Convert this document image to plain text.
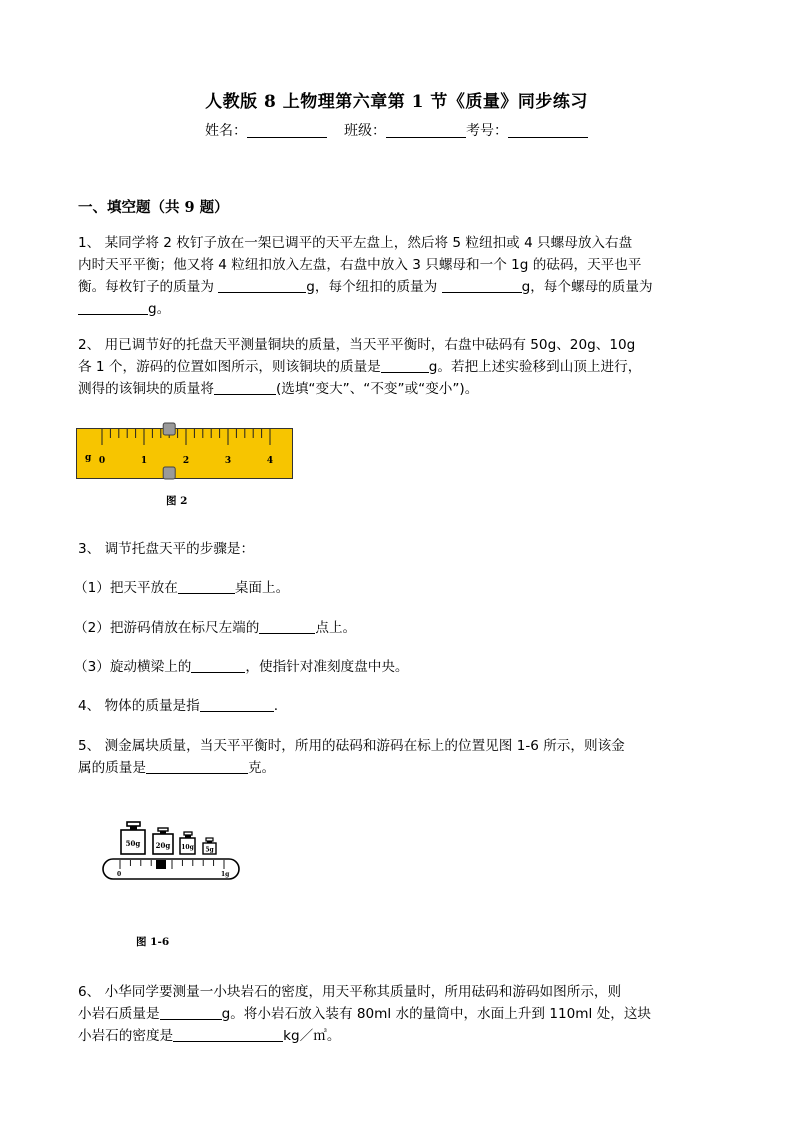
人教版 8 上物理第六章第 1 节《质量》同步练习
姓名：	班级：	考号：
一、填空题（共 9 题）
1、 某同学将 2 枚钉子放在一架已调平的天平左盘上，然后将 5 粒纽扣或 4 只螺母放入右盘
内时天平平衡；他又将 4 粒纽扣放入左盘，右盘中放入 3 只螺母和一个 1g 的砝码，天平也平
衡。每枚钉子的质量为	g，每个纽扣的质量为	g，每个螺母的质量为
g。
2、 用已调节好的托盘天平测量铜块的质量，当天平平衡时，右盘中砝码有 50g、20g、10g
各 1 个，游码的位置如图所示，则该铜块的质量是	g。若把上述实验移到山顶上进行，
测得的该铜块的质量将	(选填“变大”、“不变”或“变小”)。
g 0	1	2	3	4
图 2
3、 调节托盘天平的步骤是：
（1）把天平放在	桌面上。
（2）把游码倩放在标尺左端的	点上。
（3）旋动横梁上的	，使指针对准刻度盘中央。
4、 物体的质量是指	.
5、 测金属块质量，当天平平衡时，所用的砝码和游码在标上的位置见图 1-6 所示，则该金
属的质量是	克。
50g 20g 10g 5g
0	1g
图 1-6
6、 小华同学要测量一小块岩石的密度，用天平称其质量时，所用砝码和游码如图所示，则
小岩石质量是	g。将小岩石放入装有 80ml 水的量筒中，水面上升到 110ml 处，这块
小岩石的密度是	kg／㎥。
